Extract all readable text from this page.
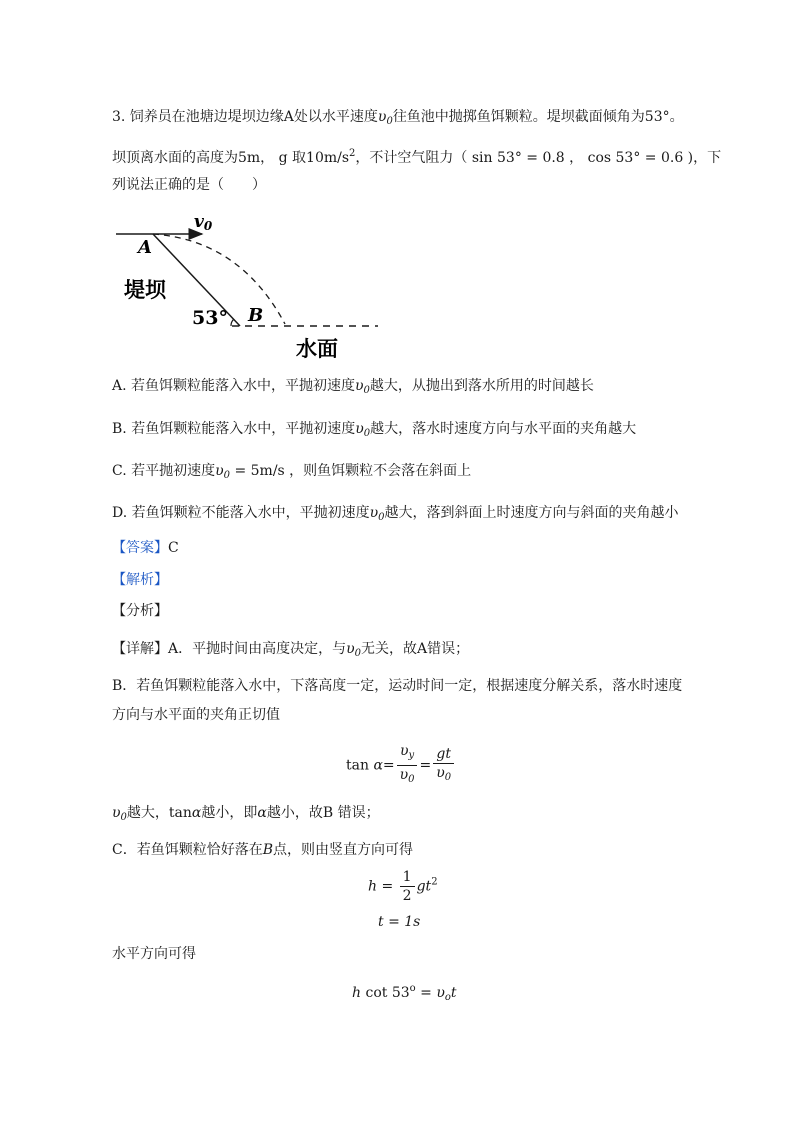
3. 饲养员在池塘边堤坝边缘A处以水平速度$\upsilon_0$往鱼池中抛掷鱼饵颗粒。堤坝截面倾角为53°。
坝顶离水面的高度为5m， g 取$10m/s^2$，不计空气阻力（ sin 53° = 0.8 ， cos 53° = 0.6 )，下
列说法正确的是（　　）
v0
A
53° B
堤坝
水面
A. 若鱼饵颗粒能落入水中，平抛初速度$\upsilon_0$越大，从抛出到落水所用的时间越长
B. 若鱼饵颗粒能落入水中，平抛初速度$\upsilon_0$越大，落水时速度方向与水平面的夹角越大
C. 若平抛初速度$\upsilon_0 = 5m/s$ ，则鱼饵颗粒不会落在斜面上
D. 若鱼饵颗粒不能落入水中，平抛初速度$\upsilon_0$越大，落到斜面上时速度方向与斜面的夹角越小
【答案】C
【解析】
【分析】
【详解】A．平抛时间由高度决定，与$\upsilon_0$无关，故A错误；
B．若鱼饵颗粒能落入水中，下落高度一定，运动时间一定，根据速度分解关系，落水时速度
方向与水平面的夹角正切值
$\tan \alpha= \frac{\upsilon_y}{\upsilon_0} = \frac{gt}{\upsilon_0}$
$\upsilon_0$越大，tanα越小，即α越小，故B 错误；
C．若鱼饵颗粒恰好落在B点，则由竖直方向可得
$h = \frac{1}{2} gt^2$
t = 1s
水平方向可得
h $\cot 53^o = \upsilon_ot$
